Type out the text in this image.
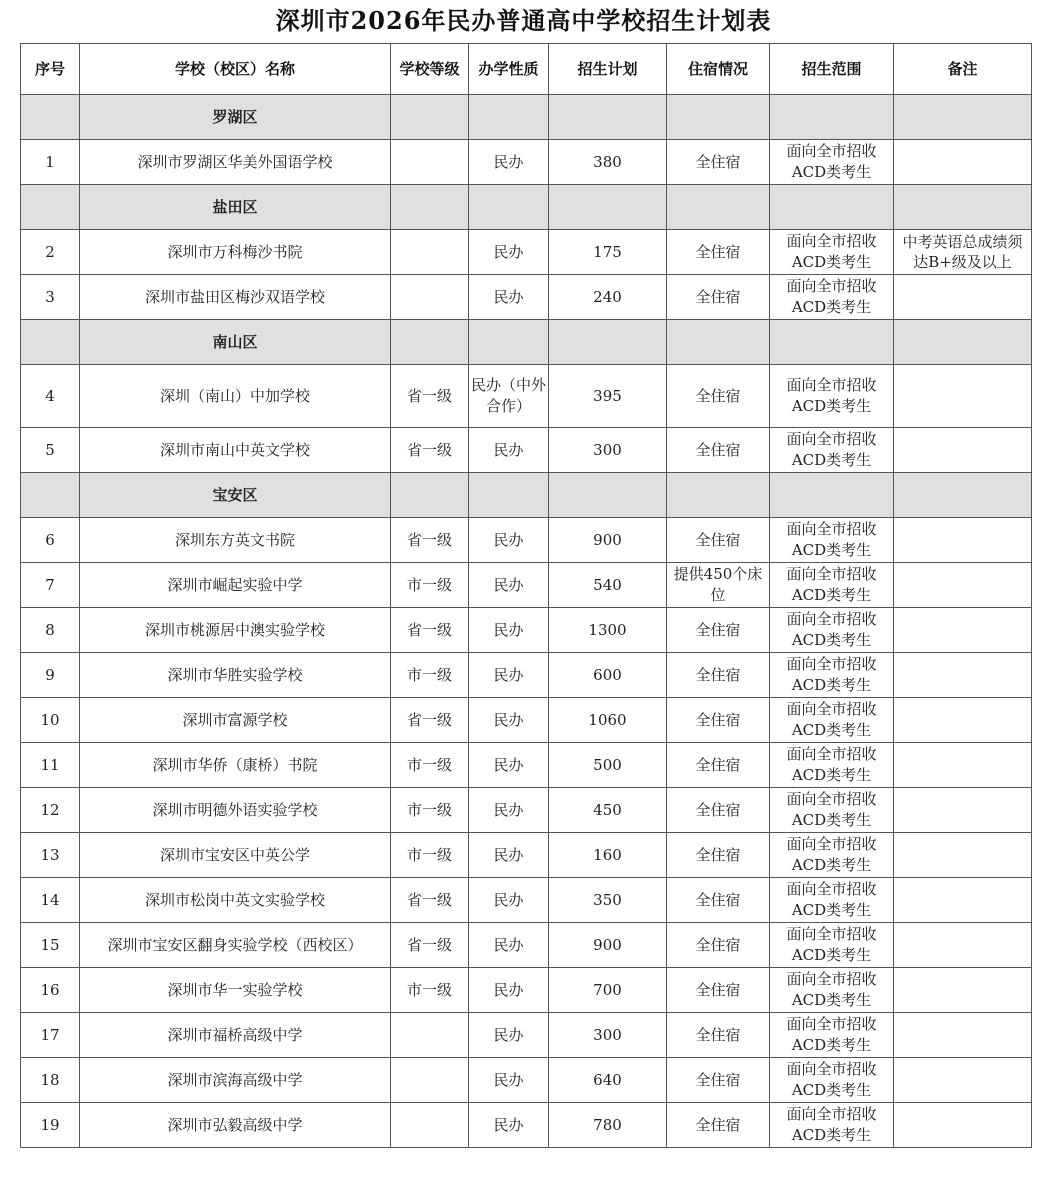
深圳市2026年民办普通高中学校招生计划表
序号	学校（校区）名称	学校等级	办学性质	招生计划	住宿情况	招生范围	备注
	罗湖区						
1	深圳市罗湖区华美外国语学校		民办	380	全住宿	面向全市招收ACD类考生	
	盐田区						
2	深圳市万科梅沙书院		民办	175	全住宿	面向全市招收ACD类考生	中考英语总成绩须达B+级及以上
3	深圳市盐田区梅沙双语学校		民办	240	全住宿	面向全市招收ACD类考生	
	南山区						
4	深圳（南山）中加学校	省一级	民办（中外合作）	395	全住宿	面向全市招收ACD类考生	
5	深圳市南山中英文学校	省一级	民办	300	全住宿	面向全市招收ACD类考生	
	宝安区						
6	深圳东方英文书院	省一级	民办	900	全住宿	面向全市招收ACD类考生	
7	深圳市崛起实验中学	市一级	民办	540	提供450个床位	面向全市招收ACD类考生	
8	深圳市桃源居中澳实验学校	省一级	民办	1300	全住宿	面向全市招收ACD类考生	
9	深圳市华胜实验学校	市一级	民办	600	全住宿	面向全市招收ACD类考生	
10	深圳市富源学校	省一级	民办	1060	全住宿	面向全市招收ACD类考生	
11	深圳市华侨（康桥）书院	市一级	民办	500	全住宿	面向全市招收ACD类考生	
12	深圳市明德外语实验学校	市一级	民办	450	全住宿	面向全市招收ACD类考生	
13	深圳市宝安区中英公学	市一级	民办	160	全住宿	面向全市招收ACD类考生	
14	深圳市松岗中英文实验学校	省一级	民办	350	全住宿	面向全市招收ACD类考生	
15	深圳市宝安区翻身实验学校（西校区）	省一级	民办	900	全住宿	面向全市招收ACD类考生	
16	深圳市华一实验学校	市一级	民办	700	全住宿	面向全市招收ACD类考生	
17	深圳市福桥高级中学		民办	300	全住宿	面向全市招收ACD类考生	
18	深圳市滨海高级中学		民办	640	全住宿	面向全市招收ACD类考生	
19	深圳市弘毅高级中学		民办	780	全住宿	面向全市招收ACD类考生	
